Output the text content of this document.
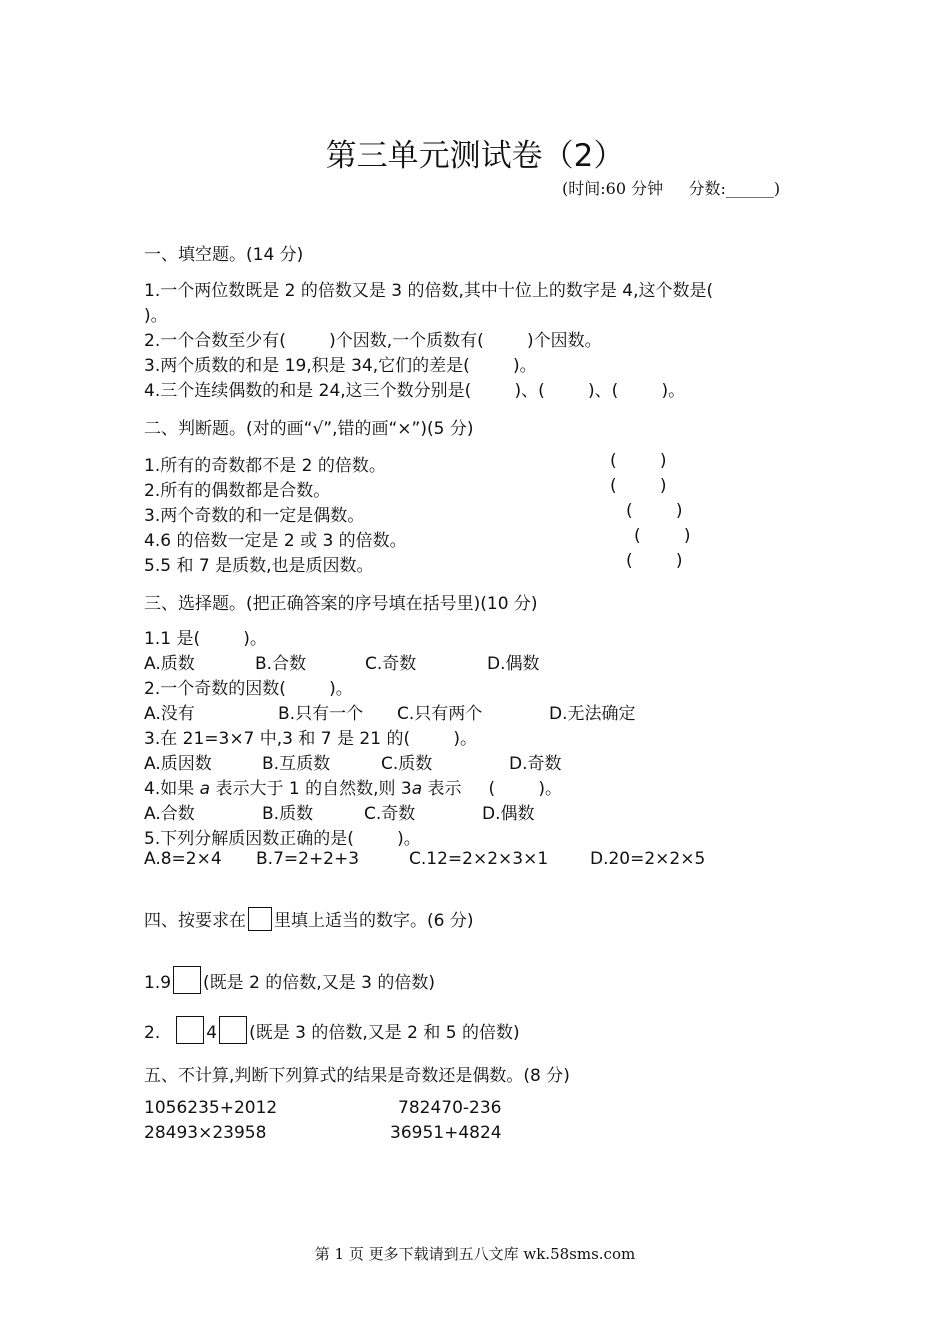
第三单元测试卷（2）
(时间:60 分钟     分数:______)
一、填空题。(14 分)
1.一个两位数既是 2 的倍数又是 3 的倍数,其中十位上的数字是 4,这个数是(
)。
2.一个合数至少有(        )个因数,一个质数有(        )个因数。
3.两个质数的和是 19,积是 34,它们的差是(        )。
4.三个连续偶数的和是 24,这三个数分别是(        )、(        )、(        )。
二、判断题。(对的画“√”,错的画“×”)(5 分)
1.所有的奇数都不是 2 的倍数。	(        )
2.所有的偶数都是合数。	(        )
3.两个奇数的和一定是偶数。	(        )
4.6 的倍数一定是 2 或 3 的倍数。	(        )
5.5 和 7 是质数,也是质因数。	(        )
三、选择题。(把正确答案的序号填在括号里)(10 分)
1.1 是(        )。
A.质数	B.合数	C.奇数	D.偶数
2.一个奇数的因数(        )。
A.没有	B.只有一个 C.只有两个	D.无法确定
3.在 21=3×7 中,3 和 7 是 21 的(        )。
A.质因数	B.互质数	C.质数	D.奇数
4.如果 a 表示大于 1 的自然数,则 3a 表示     (        )。
A.合数	B.质数	C.奇数	D.偶数
5.下列分解质因数正确的是(        )。
A.8=2×4 B.7=2+2+3	C.12=2×2×3×1 D.20=2×2×5
四、按要求在 里填上适当的数字。(6 分)
1.9 (既是 2 的倍数,又是 3 的倍数)
2.	4 (既是 3 的倍数,又是 2 和 5 的倍数)
五、不计算,判断下列算式的结果是奇数还是偶数。(8 分)
1056235+2012	782470-236
28493×23958	36951+4824
第 1 页 更多下载请到五八文库 wk.58sms.com
